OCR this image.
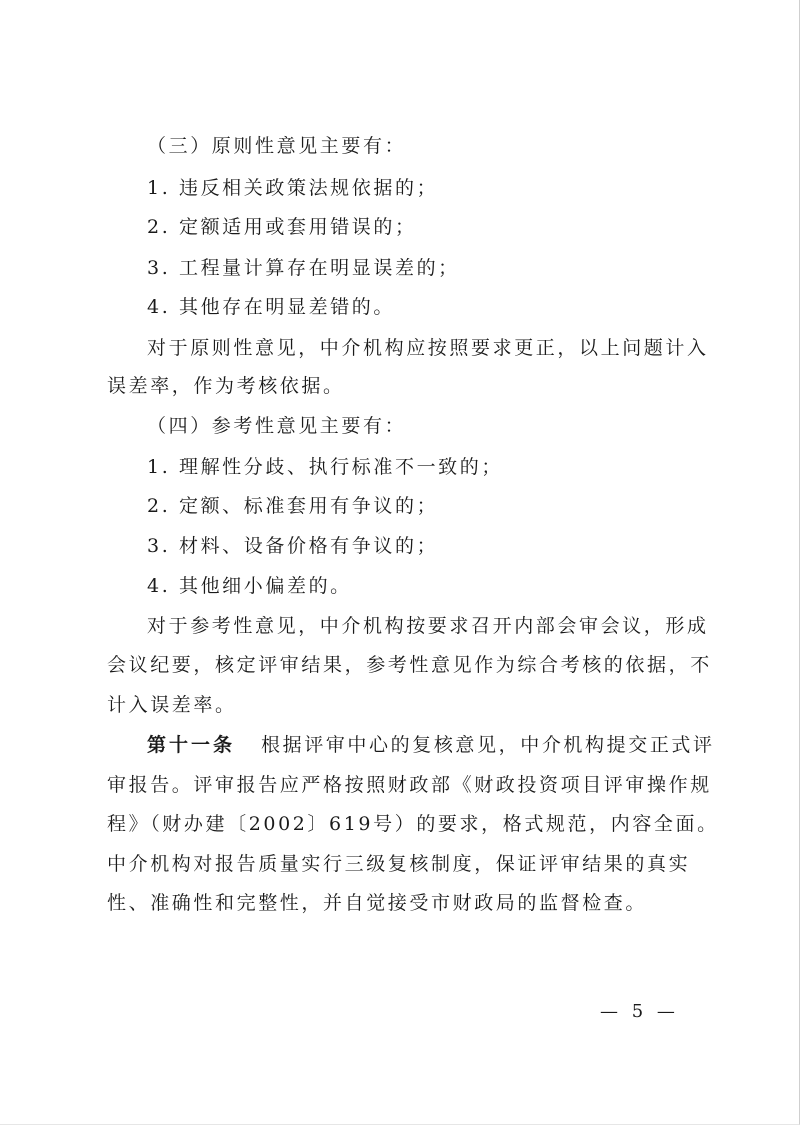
（三）原则性意见主要有：
1. 违反相关政策法规依据的；
2. 定额适用或套用错误的；
3. 工程量计算存在明显误差的；
4. 其他存在明显差错的。
对于原则性意见，中介机构应按照要求更正，以上问题计入
误差率，作为考核依据。
（四）参考性意见主要有：
1. 理解性分歧、执行标准不一致的；
2. 定额、标准套用有争议的；
3. 材料、设备价格有争议的；
4. 其他细小偏差的。
对于参考性意见，中介机构按要求召开内部会审会议，形成
会议纪要，核定评审结果，参考性意见作为综合考核的依据，不
计入误差率。
第十一条 根据评审中心的复核意见，中介机构提交正式评
审报告。评审报告应严格按照财政部《财政投资项目评审操作规
程》（财办建〔2002〕619号）的要求，格式规范，内容全面。
中介机构对报告质量实行三级复核制度，保证评审结果的真实
性、准确性和完整性，并自觉接受市财政局的监督检查。
— 5 —
